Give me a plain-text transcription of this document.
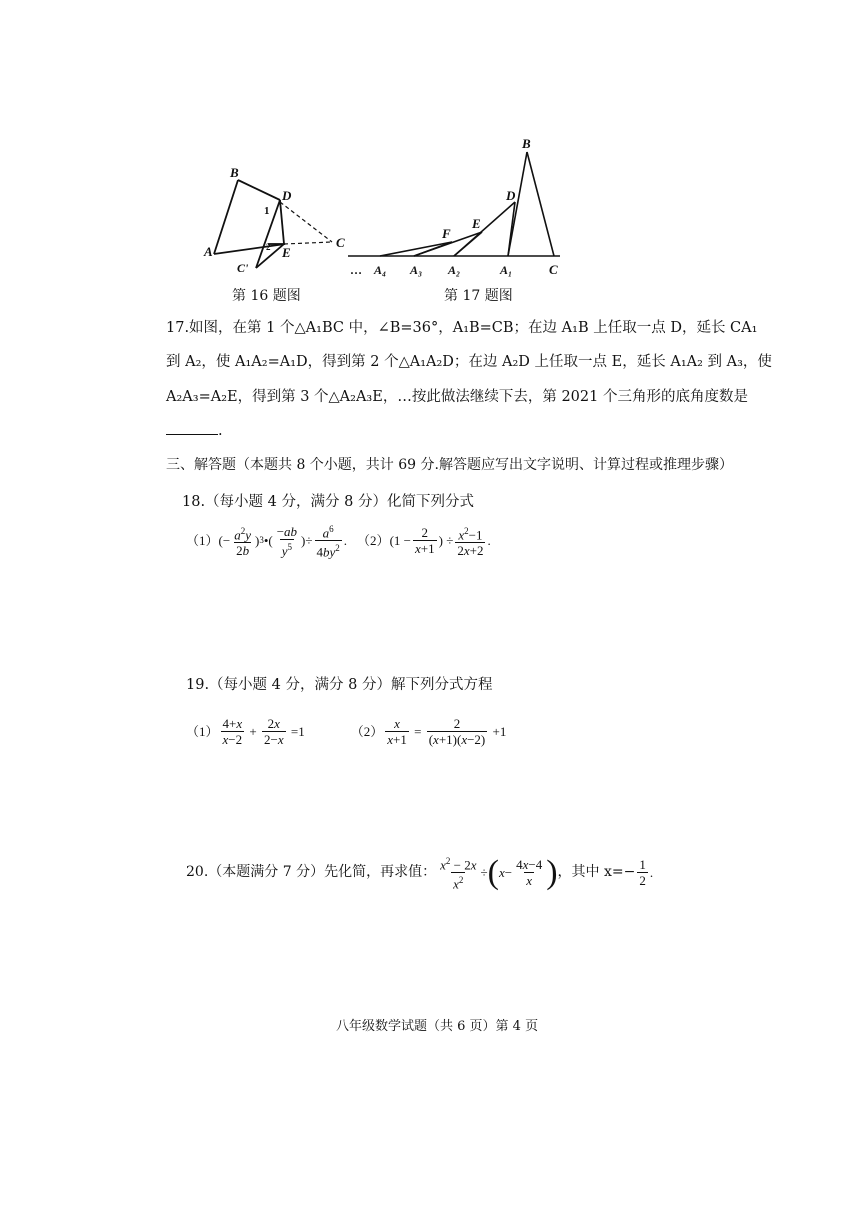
B
D
1
2
A	E
C
C'
第 16 题图
B
D
E
F
… A₄ A₃ A₂	A₁	C
第 17 题图
17.如图，在第 1 个△A₁BC 中，∠B=36°，A₁B=CB；在边 A₁B 上任取一点 D，延长 CA₁
到 A₂，使 A₁A₂=A₁D，得到第 2 个△A₁A₂D；在边 A₂D 上任取一点 E，延长 A₁A₂ 到 A₃，使
A₂A₃=A₂E，得到第 3 个△A₂A₃E，…按此做法继续下去，第 2021 个三角形的底角度数是
.
三、解答题（本题共 8 个小题，共计 69 分.解答题应写出文字说明、计算过程或推理步骤）
18.（每小题 4 分，满分 8 分）化简下列分式
（1） (− $\frac{a^2y}{2b}$ ) 3 •( $\frac{-ab}{y^5}$ )÷ $\frac{a^6}{4by^2}$ . （2） ($1 - \frac{2}{x+1}$ ) ÷ $\frac{x^2-1}{2x+2}$ .
19.（每小题 4 分，满分 8 分）解下列分式方程
$(1) \frac{4+x}{x-2} + \frac{2x}{2-x} =1$	$(2) \frac{x}{x+1} = \frac{2}{(x+1)(x-2)} +1$
20.（本题满分 7 分）先化简，再求值： $\frac{x^2 - 2x}{x^2}$ ÷ ( $x - \frac{4x-4}{x}$ ) ，其中 $x=- \frac{1}{2}$ .
八年级数学试题（共 6 页）第 4 页
